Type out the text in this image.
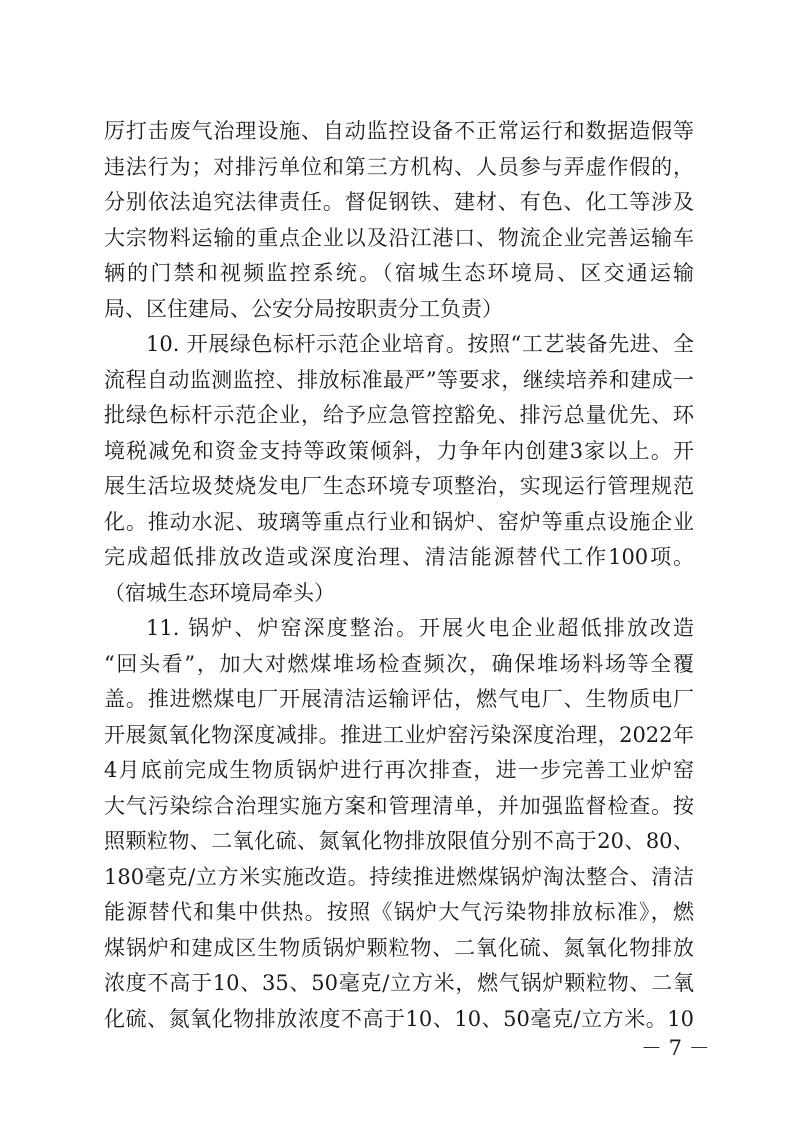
厉打击废气治理设施、自动监控设备不正常运行和数据造假等
违法行为；对排污单位和第三方机构、人员参与弄虚作假的，
分别依法追究法律责任。督促钢铁、建材、有色、化工等涉及
大宗物料运输的重点企业以及沿江港口、物流企业完善运输车
辆的门禁和视频监控系统。（宿城生态环境局、区交通运输
局、区住建局、公安分局按职责分工负责）
10. 开展绿色标杆示范企业培育。按照“工艺装备先进、全
流程自动监测监控、排放标准最严”等要求，继续培养和建成一
批绿色标杆示范企业，给予应急管控豁免、排污总量优先、环
境税减免和资金支持等政策倾斜，力争年内创建3家以上。开
展生活垃圾焚烧发电厂生态环境专项整治，实现运行管理规范
化。推动水泥、玻璃等重点行业和锅炉、窑炉等重点设施企业
完成超低排放改造或深度治理、清洁能源替代工作100项。
（宿城生态环境局牵头）
11. 锅炉、炉窑深度整治。开展火电企业超低排放改造
“回头看”，加大对燃煤堆场检查频次，确保堆场料场等全覆
盖。推进燃煤电厂开展清洁运输评估，燃气电厂、生物质电厂
开展氮氧化物深度减排。推进工业炉窑污染深度治理，2022年
4月底前完成生物质锅炉进行再次排查，进一步完善工业炉窑
大气污染综合治理实施方案和管理清单，并加强监督检查。按
照颗粒物、二氧化硫、氮氧化物排放限值分别不高于20、80、
180毫克/立方米实施改造。持续推进燃煤锅炉淘汰整合、清洁
能源替代和集中供热。按照《锅炉大气污染物排放标准》，燃
煤锅炉和建成区生物质锅炉颗粒物、二氧化硫、氮氧化物排放
浓度不高于10、35、50毫克/立方米，燃气锅炉颗粒物、二氧
化硫、氮氧化物排放浓度不高于10、10、50毫克/立方米。10
－ 7 －
